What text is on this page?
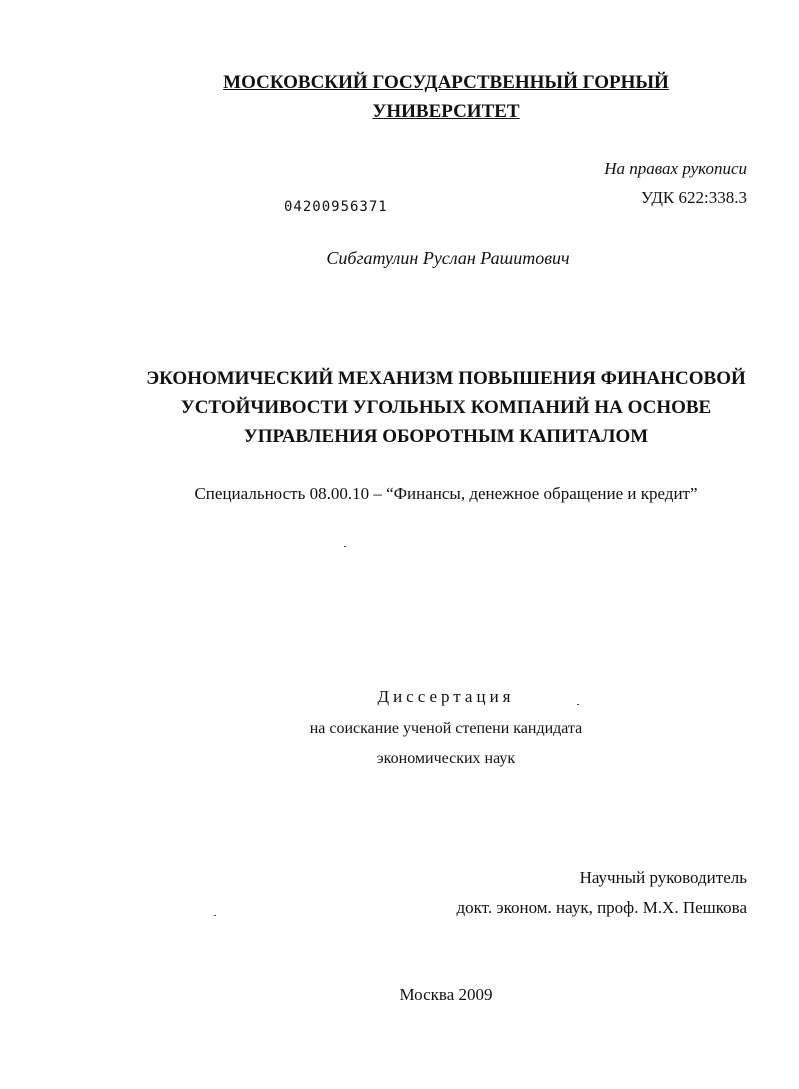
МОСКОВСКИЙ ГОСУДАРСТВЕННЫЙ ГОРНЫЙ
УНИВЕРСИТЕТ
На правах рукописи
04200956371	УДК 622:338.3
Сибгатулин Руслан Рашитович
ЭКОНОМИЧЕСКИЙ МЕХАНИЗМ ПОВЫШЕНИЯ ФИНАНСОВОЙ
УСТОЙЧИВОСТИ УГОЛЬНЫХ КОМПАНИЙ НА ОСНОВЕ
УПРАВЛЕНИЯ ОБОРОТНЫМ КАПИТАЛОМ
Специальность 08.00.10 – “Финансы, денежное обращение и кредит”
Диссертация
на соискание ученой степени кандидата
экономических наук
Научный руководитель
докт. эконом. наук, проф. М.Х. Пешкова
Москва 2009
